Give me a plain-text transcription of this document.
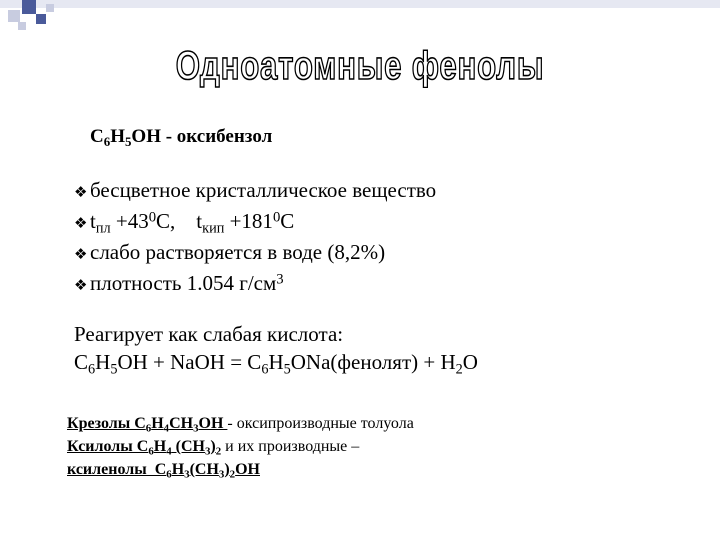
Одноатомные фенолы
$C_6H_5OH$ - оксибензол
❖ бесцветное кристаллическое вещество
❖ $t_{пл} +43^0C$,    $t_{кип} +181^0C$
❖ слабо растворяется в воде (8,2%)
❖ плотность 1.054 $г/см^3$
Реагирует как слабая кислота:
$C_6H_5OH$ + NaOH = $C_6H_5ONa(фенолят) + H_2O$
Крезолы $C_6H_4CH_3OH$ - оксипроизводные толуола
Ксилолы $C_6H_4$ $(CH_3)_2$ и их производные –
ксиленолы  $C_6H_3(CH_3)_2OH$
